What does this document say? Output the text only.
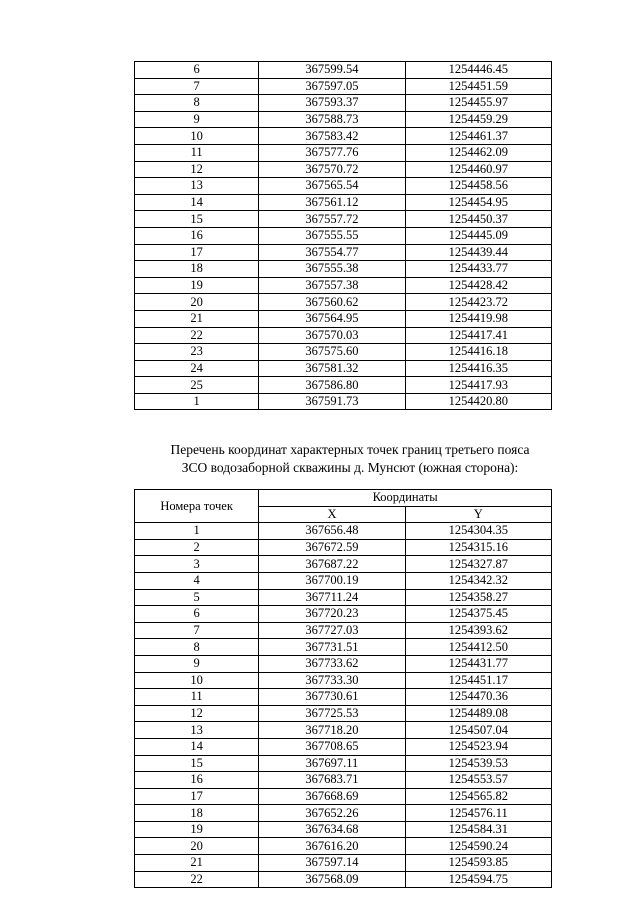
6	367599.54	1254446.45
7	367597.05	1254451.59
8	367593.37	1254455.97
9	367588.73	1254459.29
10	367583.42	1254461.37
11	367577.76	1254462.09
12	367570.72	1254460.97
13	367565.54	1254458.56
14	367561.12	1254454.95
15	367557.72	1254450.37
16	367555.55	1254445.09
17	367554.77	1254439.44
18	367555.38	1254433.77
19	367557.38	1254428.42
20	367560.62	1254423.72
21	367564.95	1254419.98
22	367570.03	1254417.41
23	367575.60	1254416.18
24	367581.32	1254416.35
25	367586.80	1254417.93
1	367591.73	1254420.80
Перечень координат характерных точек границ третьего пояса
ЗСО водозаборной скважины д. Мунсют (южная сторона):
Номера точек	Координаты	
	X	Y
1	367656.48	1254304.35
2	367672.59	1254315.16
3	367687.22	1254327.87
4	367700.19	1254342.32
5	367711.24	1254358.27
6	367720.23	1254375.45
7	367727.03	1254393.62
8	367731.51	1254412.50
9	367733.62	1254431.77
10	367733.30	1254451.17
11	367730.61	1254470.36
12	367725.53	1254489.08
13	367718.20	1254507.04
14	367708.65	1254523.94
15	367697.11	1254539.53
16	367683.71	1254553.57
17	367668.69	1254565.82
18	367652.26	1254576.11
19	367634.68	1254584.31
20	367616.20	1254590.24
21	367597.14	1254593.85
22	367568.09	1254594.75
